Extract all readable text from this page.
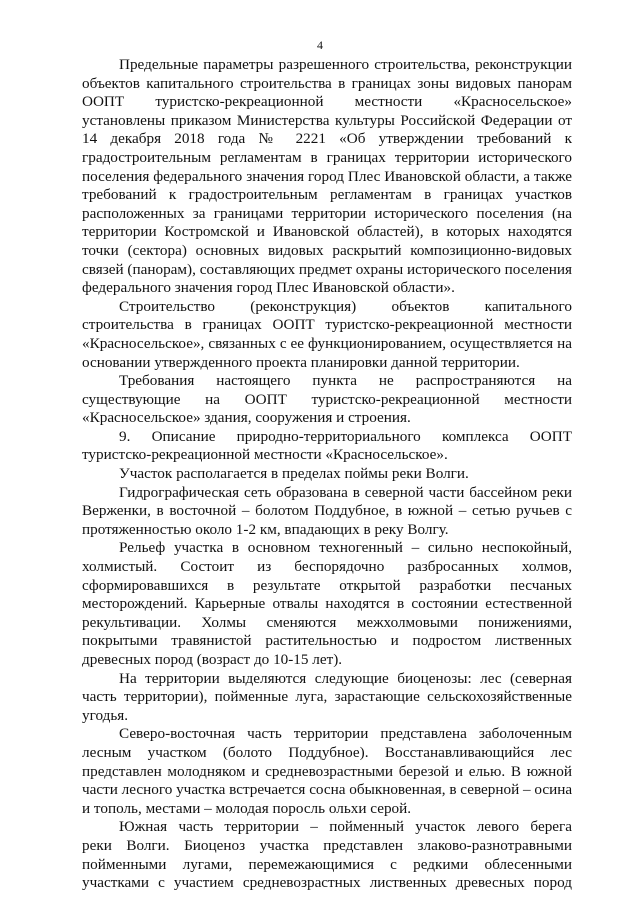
4

Предельные параметры разрешенного строительства, реконструкции
объектов капитального строительства в границах зоны видовых панорам
ООПТ туристско-рекреационной местности «Красносельское»
установлены приказом Министерства культуры Российской Федерации от
14 декабря 2018 года № 2221 «Об утверждении требований к
градостроительным регламентам в границах территории исторического
поселения федерального значения город Плес Ивановской области, а также
требований к градостроительным регламентам в границах участков
расположенных за границами территории исторического поселения (на
территории Костромской и Ивановской областей), в которых находятся
точки (сектора) основных видовых раскрытий композиционно-видовых
связей (панорам), составляющих предмет охраны исторического поселения
федерального значения город Плес Ивановской области».

Строительство (реконструкция) объектов капитального
строительства в границах ООПТ туристско-рекреационной местности
«Красносельское», связанных с ее функционированием, осуществляется на
основании утвержденного проекта планировки данной территории.

Требования настоящего пункта не распространяются на
существующие на ООПТ туристско-рекреационной местности
«Красносельское» здания, сооружения и строения.

9. Описание природно-территориального комплекса ООПТ
туристско-рекреационной местности «Красносельское».

Участок располагается в пределах поймы реки Волги.

Гидрографическая сеть образована в северной части бассейном реки
Верженки, в восточной – болотом Поддубное, в южной – сетью ручьев с
протяженностью около 1-2 км, впадающих в реку Волгу.

Рельеф участка в основном техногенный – сильно неспокойный,
холмистый. Состоит из беспорядочно разбросанных холмов,
сформировавшихся в результате открытой разработки песчаных
месторождений. Карьерные отвалы находятся в состоянии естественной
рекультивации. Холмы сменяются межхолмовыми понижениями,
покрытыми травянистой растительностью и подростом лиственных
древесных пород (возраст до 10-15 лет).

На территории выделяются следующие биоценозы: лес (северная
часть территории), пойменные луга, зарастающие сельскохозяйственные
угодья.

Северо-восточная часть территории представлена заболоченным
лесным участком (болото Поддубное). Восстанавливающийся лес
представлен молодняком и средневозрастными березой и елью. В южной
части лесного участка встречается сосна обыкновенная, в северной – осина
и тополь, местами – молодая поросль ольхи серой.

Южная часть территории – пойменный участок левого берега
реки Волги. Биоценоз участка представлен злаково-разнотравными
пойменными лугами, перемежающимися с редкими облесенными
участками с участием средневозрастных лиственных древесных пород
